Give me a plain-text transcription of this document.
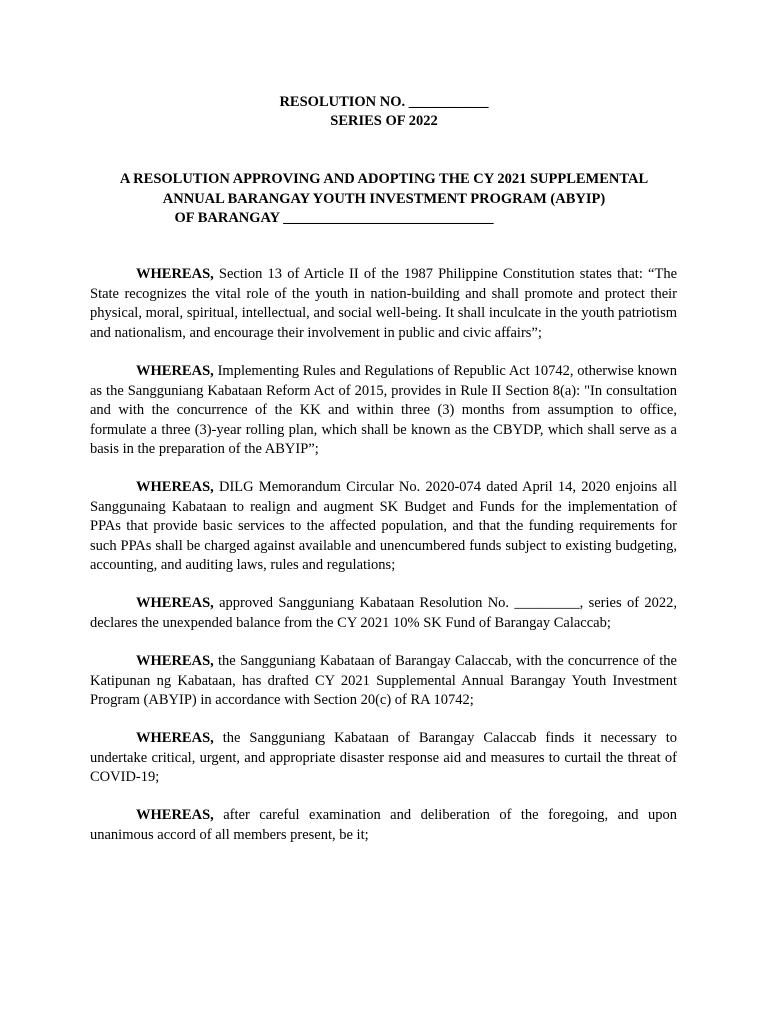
RESOLUTION NO. ___________
SERIES OF 2022
A RESOLUTION APPROVING AND ADOPTING THE CY 2021 SUPPLEMENTAL
ANNUAL BARANGAY YOUTH INVESTMENT PROGRAM (ABYIP)
OF BARANGAY _____________________________

WHEREAS, Section 13 of Article II of the 1987 Philippine Constitution states that: “The State recognizes the vital role of the youth in nation-building and shall promote and protect their physical, moral, spiritual, intellectual, and social well-being. It shall inculcate in the youth patriotism and nationalism, and encourage their involvement in public and civic affairs”;

WHEREAS, Implementing Rules and Regulations of Republic Act 10742, otherwise known as the Sangguniang Kabataan Reform Act of 2015, provides in Rule II Section 8(a): "In consultation and with the concurrence of the KK and within three (3) months from assumption to office, formulate a three (3)-year rolling plan, which shall be known as the CBYDP, which shall serve as a basis in the preparation of the ABYIP”;

WHEREAS, DILG Memorandum Circular No. 2020-074 dated April 14, 2020 enjoins all Sanggunaing Kabataan to realign and augment SK Budget and Funds for the implementation of PPAs that provide basic services to the affected population, and that the funding requirements for such PPAs shall be charged against available and unencumbered funds subject to existing budgeting, accounting, and auditing laws, rules and regulations;

WHEREAS, approved Sangguniang Kabataan Resolution No. _________, series of 2022, declares the unexpended balance from the CY 2021 10% SK Fund of Barangay Calaccab;

WHEREAS, the Sangguniang Kabataan of Barangay Calaccab, with the concurrence of the Katipunan ng Kabataan, has drafted CY 2021 Supplemental Annual Barangay Youth Investment Program (ABYIP) in accordance with Section 20(c) of RA 10742;

WHEREAS, the Sangguniang Kabataan of Barangay Calaccab finds it necessary to undertake critical, urgent, and appropriate disaster response aid and measures to curtail the threat of COVID-19;

WHEREAS, after careful examination and deliberation of the foregoing, and upon unanimous accord of all members present, be it;
